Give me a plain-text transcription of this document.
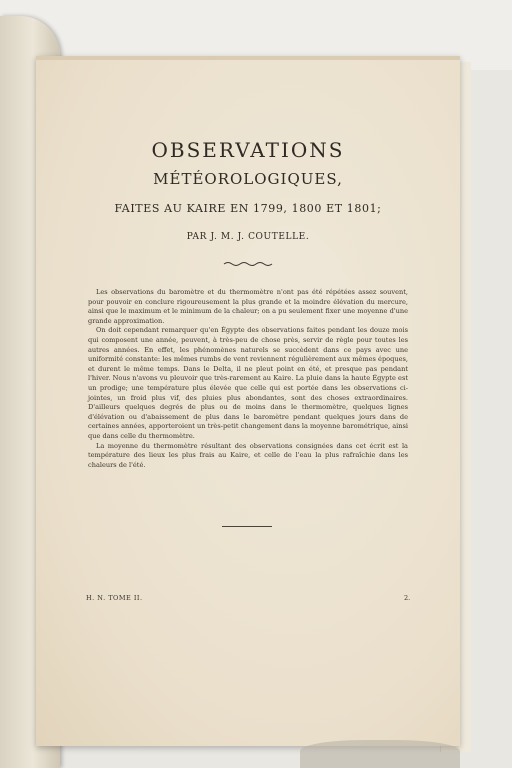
OBSERVATIONS
MÉTÉOROLOGIQUES,
FAITES AU KAIRE EN 1799, 1800 ET 1801;
PAR J. M. J. COUTELLE.

Les observations du baromètre et du thermomètre n'ont pas été répétées assez souvent, pour pouvoir en conclure rigoureusement la plus grande et la moindre élévation du mercure, ainsi que le maximum et le minimum de la chaleur; on a pu seulement fixer une moyenne d'une grande approximation.

On doit cependant remarquer qu'en Égypte des observations faites pendant les douze mois qui composent une année, peuvent, à très-peu de chose près, servir de règle pour toutes les autres années. En effet, les phénomènes naturels se succèdent dans ce pays avec une uniformité constante: les mêmes rumbs de vent reviennent régulièrement aux mêmes époques, et durent le même temps. Dans le Delta, il ne pleut point en été, et presque pas pendant l'hiver. Nous n'avons vu pleuvoir que très-rarement au Kaire. La pluie dans la haute Égypte est un prodige; une température plus élevée que celle qui est portée dans les observations ci-jointes, un froid plus vif, des pluies plus abondantes, sont des choses extraordinaires. D'ailleurs quelques degrés de plus ou de moins dans le thermomètre, quelques lignes d'élévation ou d'abaissement de plus dans le baromètre pendant quelques jours dans de certaines années, apporteroient un très-petit changement dans la moyenne barométrique, ainsi que dans celle du thermomètre.

La moyenne du thermomètre résultant des observations consignées dans cet écrit est la température des lieux les plus frais au Kaire, et celle de l'eau la plus rafraîchie dans les chaleurs de l'été.

H. N. TOME II.	2.
